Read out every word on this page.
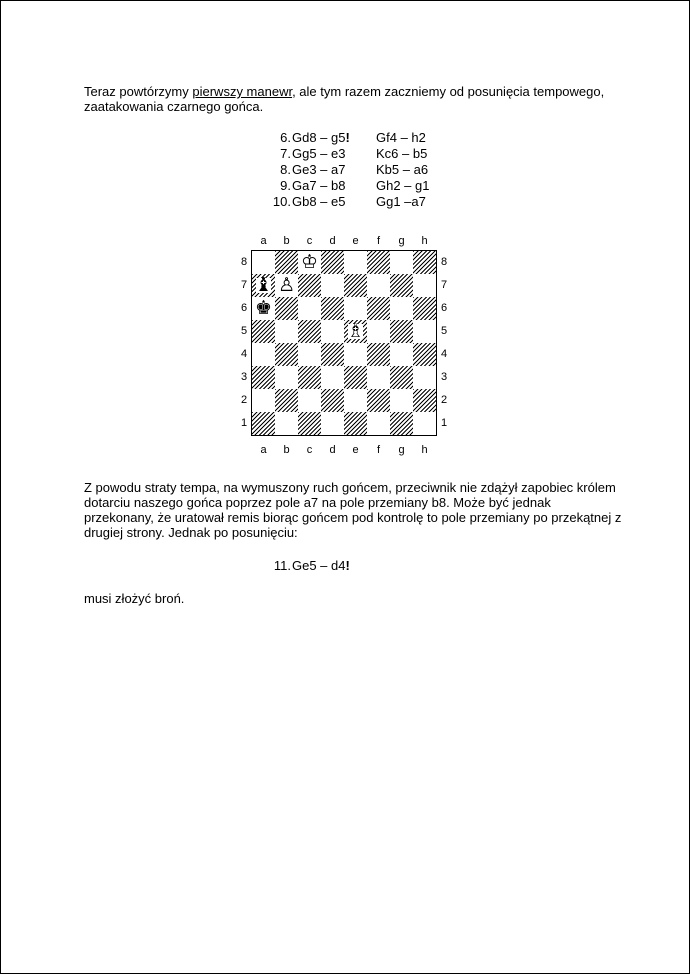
Teraz powtórzymy pierwszy manewr, ale tym razem zaczniemy od posunięcia tempowego, zaatakowania czarnego gońca.

6.	Gd8 – g5!	Gf4 – h2
7.	Gg5 – e3	Kc6 – b5
8.	Ge3 – a7	Kb5 – a6
9.	Ga7 – b8	Gh2 – g1
10.	Gb8 – e5	Gg1 –a7
♔
♝ ♙
♚
♗
a
a
b
b
c
c
d
d
e
e
f
f
g
g
h
h
8	8
7	7
6	6
5	5
4	4
3	3
2	2
1	1

Z powodu straty tempa, na wymuszony ruch gońcem, przeciwnik nie zdążył zapobiec królem dotarciu naszego gońca poprzez pole a7 na pole przemiany b8. Może być jednak przekonany, że uratował remis biorąc gońcem pod kontrolę to pole przemiany po przekątnej z drugiej strony. Jednak po posunięciu:

11.	Ge5 – d4!

musi złożyć broń.
